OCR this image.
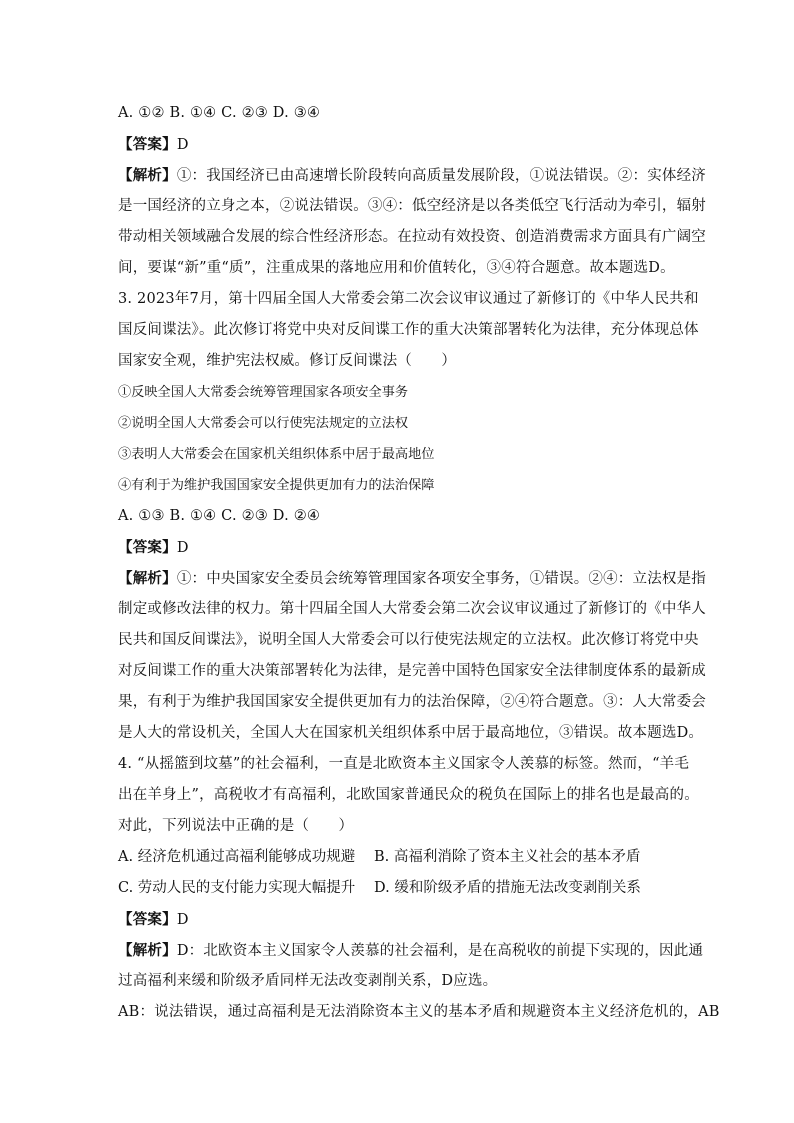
A. ①② B. ①④ C. ②③ D. ③④
【答案】D
【解析】①：我国经济已由高速增长阶段转向高质量发展阶段，①说法错误。②：实体经济
是一国经济的立身之本，②说法错误。③④：低空经济是以各类低空飞行活动为牵引，辐射
带动相关领域融合发展的综合性经济形态。在拉动有效投资、创造消费需求方面具有广阔空
间，要谋“新”重“质”，注重成果的落地应用和价值转化，③④符合题意。故本题选D。
3. 2023年7月，第十四届全国人大常委会第二次会议审议通过了新修订的《中华人民共和
国反间谍法》。此次修订将党中央对反间谍工作的重大决策部署转化为法律，充分体现总体
国家安全观，维护宪法权威。修订反间谍法（　　）
①反映全国人大常委会统筹管理国家各项安全事务
②说明全国人大常委会可以行使宪法规定的立法权
③表明人大常委会在国家机关组织体系中居于最高地位
④有利于为维护我国国家安全提供更加有力的法治保障
A. ①③ B. ①④ C. ②③ D. ②④
【答案】D
【解析】①：中央国家安全委员会统筹管理国家各项安全事务，①错误。②④：立法权是指
制定或修改法律的权力。第十四届全国人大常委会第二次会议审议通过了新修订的《中华人
民共和国反间谍法》，说明全国人大常委会可以行使宪法规定的立法权。此次修订将党中央
对反间谍工作的重大决策部署转化为法律，是完善中国特色国家安全法律制度体系的最新成
果，有利于为维护我国国家安全提供更加有力的法治保障，②④符合题意。③：人大常委会
是人大的常设机关，全国人大在国家机关组织体系中居于最高地位，③错误。故本题选D。
4. “从摇篮到坟墓”的社会福利，一直是北欧资本主义国家令人羡慕的标签。然而，“羊毛
出在羊身上”，高税收才有高福利，北欧国家普通民众的税负在国际上的排名也是最高的。
对此，下列说法中正确的是（　　）
A. 经济危机通过高福利能够成功规避	B. 高福利消除了资本主义社会的基本矛盾
C. 劳动人民的支付能力实现大幅提升	D. 缓和阶级矛盾的措施无法改变剥削关系
【答案】D
【解析】D：北欧资本主义国家令人羡慕的社会福利，是在高税收的前提下实现的，因此通
过高福利来缓和阶级矛盾同样无法改变剥削关系，D应选。
AB：说法错误，通过高福利是无法消除资本主义的基本矛盾和规避资本主义经济危机的，AB
